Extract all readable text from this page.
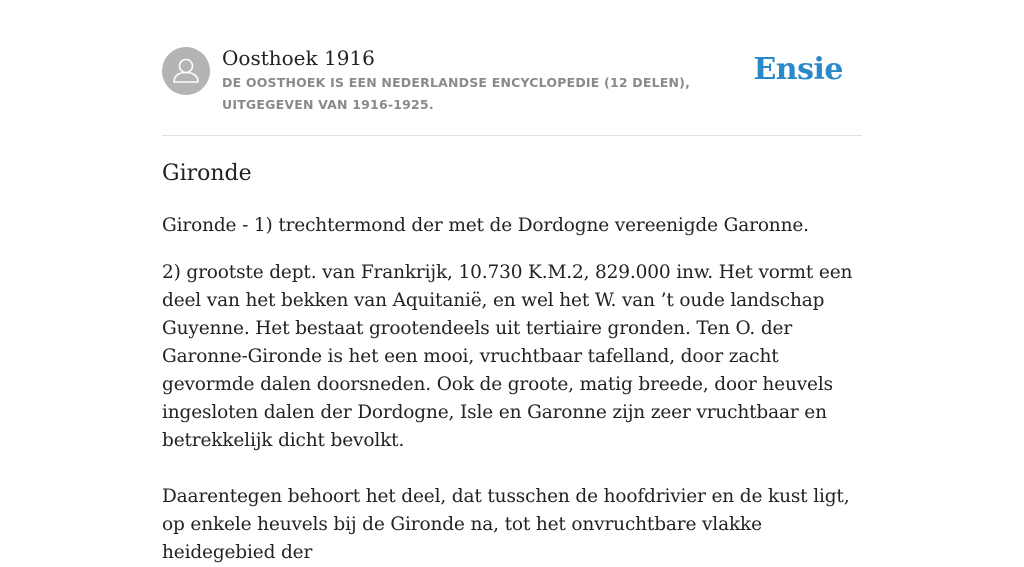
Oosthoek 1916
DE OOSTHOEK IS EEN NEDERLANDSE ENCYCLOPEDIE (12 DELEN), UITGEGEVEN VAN 1916-1925.
Ensie
Gironde

Gironde - 1) trechtermond der met de Dordogne vereenigde Garonne.

2) grootste dept. van Frankrijk, 10.730 K.M.2, 829.000 inw. Het vormt een deel van het bekken van Aquitanië, en wel het W. van ’t oude landschap Guyenne. Het bestaat grootendeels uit tertiaire gronden. Ten O. der Garonne-Gironde is het een mooi, vruchtbaar tafelland, door zacht gevormde dalen doorsneden. Ook de groote, matig breede, door heuvels ingesloten dalen der Dordogne, Isle en Garonne zijn zeer vruchtbaar en betrekkelijk dicht bevolkt.

Daarentegen behoort het deel, dat tusschen de hoofdrivier en de kust ligt, op enkele heuvels bij de Gironde na, tot het onvruchtbare vlakke heidegebied der
